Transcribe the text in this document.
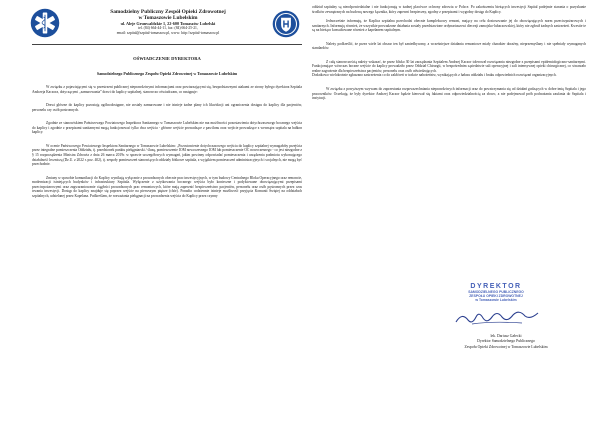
Samodzielny Publiczny Zespół Opieki Zdrowotnej
w Tomaszowie Lubelskim
ul. Aleje Grunwaldzkie 1, 22-600 Tomaszów Lubelski
tel. (84) 664-44-11, fax: (84) 664-25-21,
email: szpital@szpital-tomaszow.pl, www: http://szpital-tomaszow.pl
OŚWIADCZENIE DYREKTORA
Samodzielnego Publicznego Zespołu Opieki Zdrowotnej w Tomaszowie Lubelskim

W związku z pojawiającymi się w przestrzeni publicznej nieprawdziwymi informacjami oraz powtarzającymi się, bezpodstawnymi atakami ze strony byłego dyrektora Szpitala Andrzeja Kaczora, dotyczącymi „zamurowania” drzwi do kaplicy szpitalnej, stanowczo oświadczam, co następuje:

Drzwi główne do kaplicy pozostają ogólnodostępne, nie zostały zamurowane i nie istnieje żadne plany ich likwidacji ani ograniczenia dostępu do kaplicy dla pacjentów, personelu czy osób postronnych.

Zgodnie ze stanowiskiem Państwowego Powiatowego Inspektora Sanitarnego w Tomaszowie Lubelskim nie ma możliwości pozostawienia dotychczasowego bocznego wejścia do kaplicy i zgodnie z przepisami sanitarnymi mogą funkcjonować tylko dwa wejścia - główne wejście prowadzące z pawilonu oraz wejście prowadzące z wewnątrz szpitala na bałkon kaplicy.

W ocenie Państwowego Powiatowego Inspektora Sanitarnego w Tomaszowie Lubelskim: „Pozostawienie dotychczasowego wejścia do kaplicy szpitalnej wymagałoby przejścia przez integralne pomieszczenia Oddziału, tj. przedsionek punktu pielęgniarski / śluzę, pomieszczenie IOM nowoczesnego IOM lub pomieszczenie OC nowoczesnego - co jest niezgodne z § 15 rozporządzenia Ministra Zdrowia z dnia 26 marca 2019r. w sprawie szczegółowych wymagań, jakim powinny odpowiadać pomieszczenia i urządzenia podmiotu wykonującego działalność leczniczą (Dz.U. z 2022 r. poz. 402), tj. zespoły pomieszczeń stanowiących oddziały łóżkowe szpitala, z wyjątkiem pomieszczeń administracyjnych i socjalnych, nie mogą być przechodnie.

Zmiany w sposobie komunikacji do Kaplicy wynikają wyłącznie z prowadzonych obecnie prac inwestycyjnych, w tym budowy Centralnego Bloku Operacyjnego oraz remoncie, modernizacji istniejących budynków i infrastruktury Szpitala. Wyłączenie z użytkowania bocznego wejścia było konieczne i podyktowane obowiązującymi przepisami przeciwpożarowymi oraz zagwarantowanie ciągłości prowadzonych prac remontowych, które mają zapewnić bezpieczeństwo pacjentów, personelu oraz osób postronnych przez czas trwania inwestycji. Dostęp do kaplicy znajduje się poprzez wejście na pierwszym piętrze (chór). Ponadto codziennie istnieje możliwość przyjęcia Komunii Świętej na oddziałach szpitalnych, udzielanej przez Kapelana. Podkreślam, że rozważania pielęgnacji na prowadzenia wejścia do Kaplicy przez czynny

oddział szpitalny są nieodpowiedzialne i nie funkcjonują w żadnej placówce ochrony zdrowia w Polsce. Po zakończeniu bieżących inwestycji Szpital podejmie starania o pozyskanie środków zewnętrznych na budowę nowego łącznika, który zapewni bezpieczny, zgodny z przepisami i wygodny dostęp do Kaplicy.

Jednocześnie informuję, że Kaplica szpitalna przechodzi obecnie kompleksowy remont, mający na celu dostosowanie jej do obowiązujących norm przeciwpożarowych i sanitarnych. Informuję również, że wszystkie prowadzone działania zostały przedstawione ordynariuszowi diecezji zamojsko-lubaczowskiej, który nie zgłosił żadnych zastrzeżeń. Kwestie te są na bieżąco konsultowane również z kapelanem szpitalnym.

Należy podkreślić, że przez wiele lat obszar ten był zaniedbywany, a wcześniejsze działania remontowe miały charakter doraźny, nieprzemyślany i nie spełniały wymaganych standardów.

Z całą stanowczością należy wskazać, że przez blisko 30 lat zarządzania Szpitalem Andrzej Kaczor tolerował rozwiązania niezgodne z przepisami epidemiologiczno-sanitarnymi. Funkcjonujące wówczas boczne wejście do kaplicy prowadziło przez Oddział Chirurgii, w bezpośrednim sąsiedztwie sali operacyjnej i sali intensywnej opieki chirurgicznej, co stwarzało realne zagrożenie dla bezpieczeństwa pacjentów, personelu oraz osób odwiedzających.

Dodatkowo wielokrotnie zgłaszano zastrzeżenia co do zakłóceń w trakcie nabożeństw, wynikających z hałasu oddziału i braku odpowiednich rozwiązań organizacyjnych.

W związku z powyższym wzywam do zaprzestania rozpowszechniania nieprawdziwych informacji oraz do powstrzymania się od działań godzących w dobre imię Szpitala i jego pracowników. Oczekuję, że były dyrektor Andrzej Kaczor będzie kierował się faktami oraz odpowiedzialnością za słowo, a nie podejmował prób podważania zaufania do Szpitala i instytucji.

DYREKTOR
SAMODZIELNEGO PUBLICZNEGO
ZESPOŁU OPIEKI ZDROWOTNEJ
w Tomaszowie Lubelskim
lek. Dariusz Gałecki
Dyrektor Samodzielnego Publicznego
Zespołu Opieki Zdrowotnej w Tomaszowie Lubelskim
